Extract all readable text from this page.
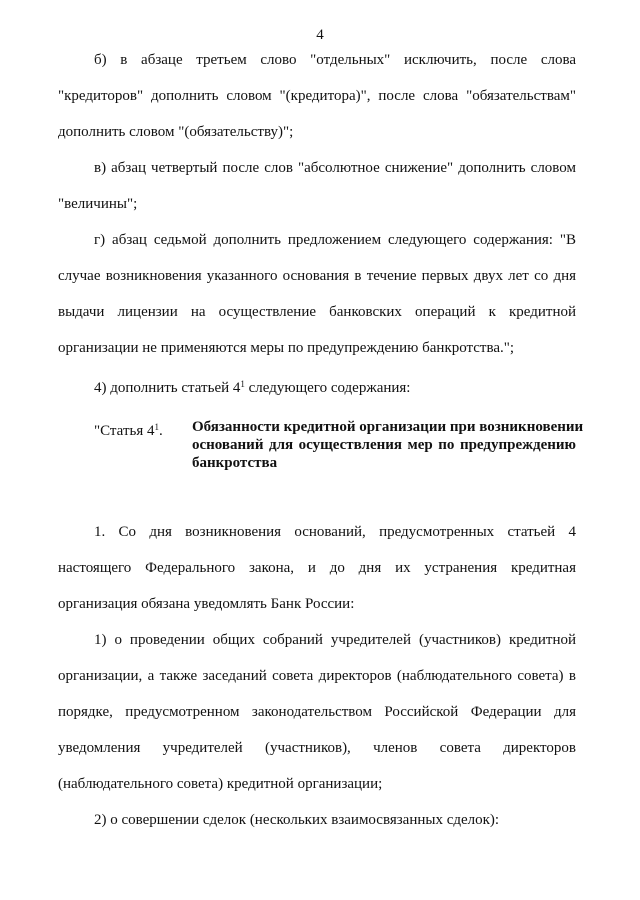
4
б) в абзаце третьем слово "отдельных" исключить, после слова
"кредиторов" дополнить словом "(кредитора)", после слова "обязательствам"
дополнить словом "(обязательству)";
в) абзац четвертый после слов "абсолютное снижение" дополнить словом
"величины";
г) абзац седьмой дополнить предложением следующего содержания: "В
случае возникновения указанного основания в течение первых двух лет со дня
выдачи лицензии на осуществление банковских операций к кредитной
организации не применяются меры по предупреждению банкротства.";
4) дополнить статьей $4^1$ следующего содержания:
"Статья $4^1$. Обязанности кредитной организации при возникновении
оснований для осуществления мер по предупреждению
банкротства
1. Со дня возникновения оснований, предусмотренных статьей 4
настоящего Федерального закона, и до дня их устранения кредитная
организация обязана уведомлять Банк России:
1) о проведении общих собраний учредителей (участников) кредитной
организации, а также заседаний совета директоров (наблюдательного совета) в
порядке, предусмотренном законодательством Российской Федерации для
уведомления учредителей (участников), членов совета директоров
(наблюдательного совета) кредитной организации;
2) о совершении сделок (нескольких взаимосвязанных сделок):
